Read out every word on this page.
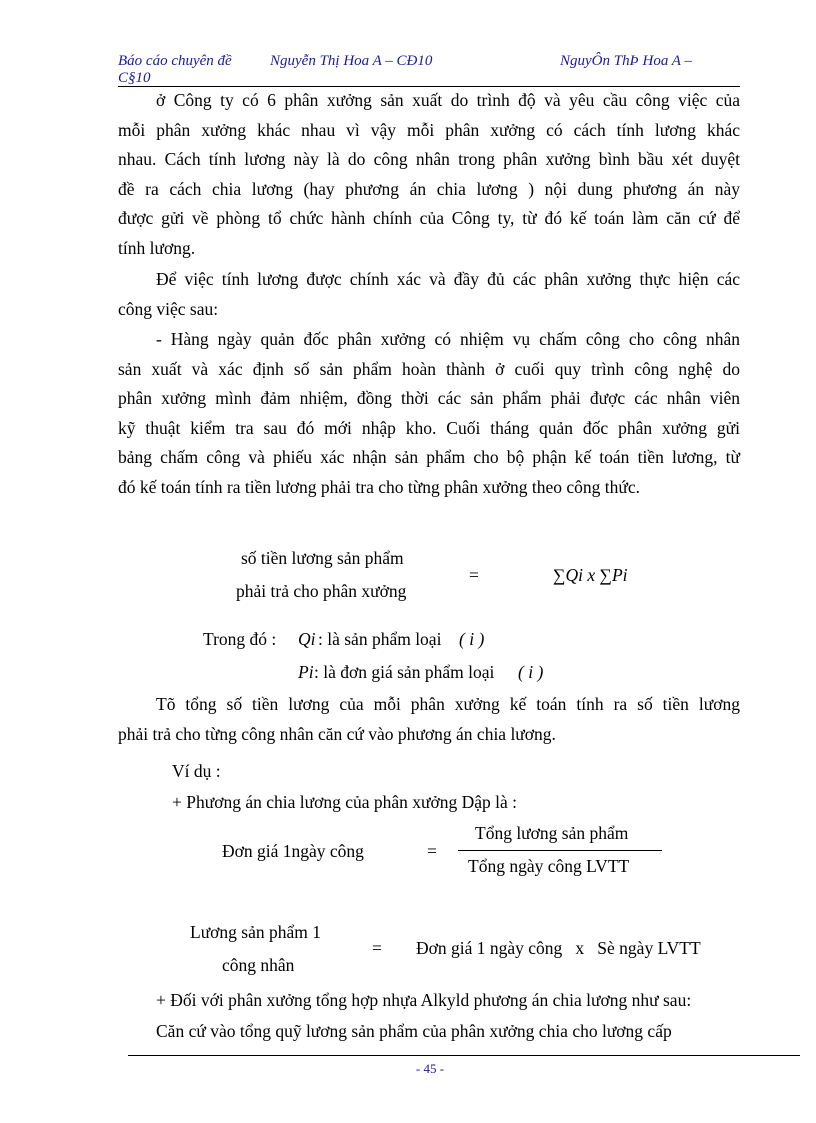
Báo cáo chuyên đề	Nguyễn Thị Hoa A – CĐ10	NguyÔn ThÞ Hoa A –
C§10
ở Công ty có 6 phân xưởng sản xuất do trình độ và yêu cầu công việc của
mỗi phân xưởng khác nhau vì vậy mỗi phân xưởng có cách tính lương khác
nhau. Cách tính lương này là do công nhân trong phân xưởng bình bầu xét duyệt
đề ra cách chia lương (hay phương án chia lương ) nội dung phương án này
được gửi về phòng tổ chức hành chính của Công ty, từ đó kế toán làm căn cứ để
tính lương.
Để việc tính lương được chính xác và đầy đủ các phân xưởng thực hiện các
công việc sau:
- Hàng ngày quản đốc phân xưởng có nhiệm vụ chấm công cho công nhân
sản xuất và xác định số sản phẩm hoàn thành ở cuối quy trình công nghệ do
phân xưởng mình đảm nhiệm, đồng thời các sản phẩm phải được các nhân viên
kỹ thuật kiểm tra sau đó mới nhập kho. Cuối tháng quản đốc phân xưởng gửi
bảng chấm công và phiếu xác nhận sản phẩm cho bộ phận kế toán tiền lương, từ
đó kế toán tính ra tiền lương phải tra cho từng phân xưởng theo công thức.
số tiền lương sản phẩm
phải trả cho phân xưởng
=	∑Qi x ∑Pi
Trong đó : Qi : là sản phẩm loại ( i )
Pi : là đơn giá sản phẩm loại ( i )
Tõ tổng số tiền lương của mỗi phân xưởng kế toán tính ra số tiền lương
phải trả cho từng công nhân căn cứ vào phương án chia lương.
Ví dụ :
+ Phương án chia lương của phân xưởng Dập là :
Đơn giá 1ngày công	=
Tổng lương sản phẩm
Tổng ngày công LVTT
Lương sản phẩm 1
công nhân
= Đơn giá 1 ngày công   x   Sè ngày LVTT
+ Đối với phân xưởng tổng hợp nhựa Alkyld phương án chia lương như sau:
Căn cứ vào tổng quỹ lương sản phẩm của phân xưởng chia cho lương cấp
- 45 -
